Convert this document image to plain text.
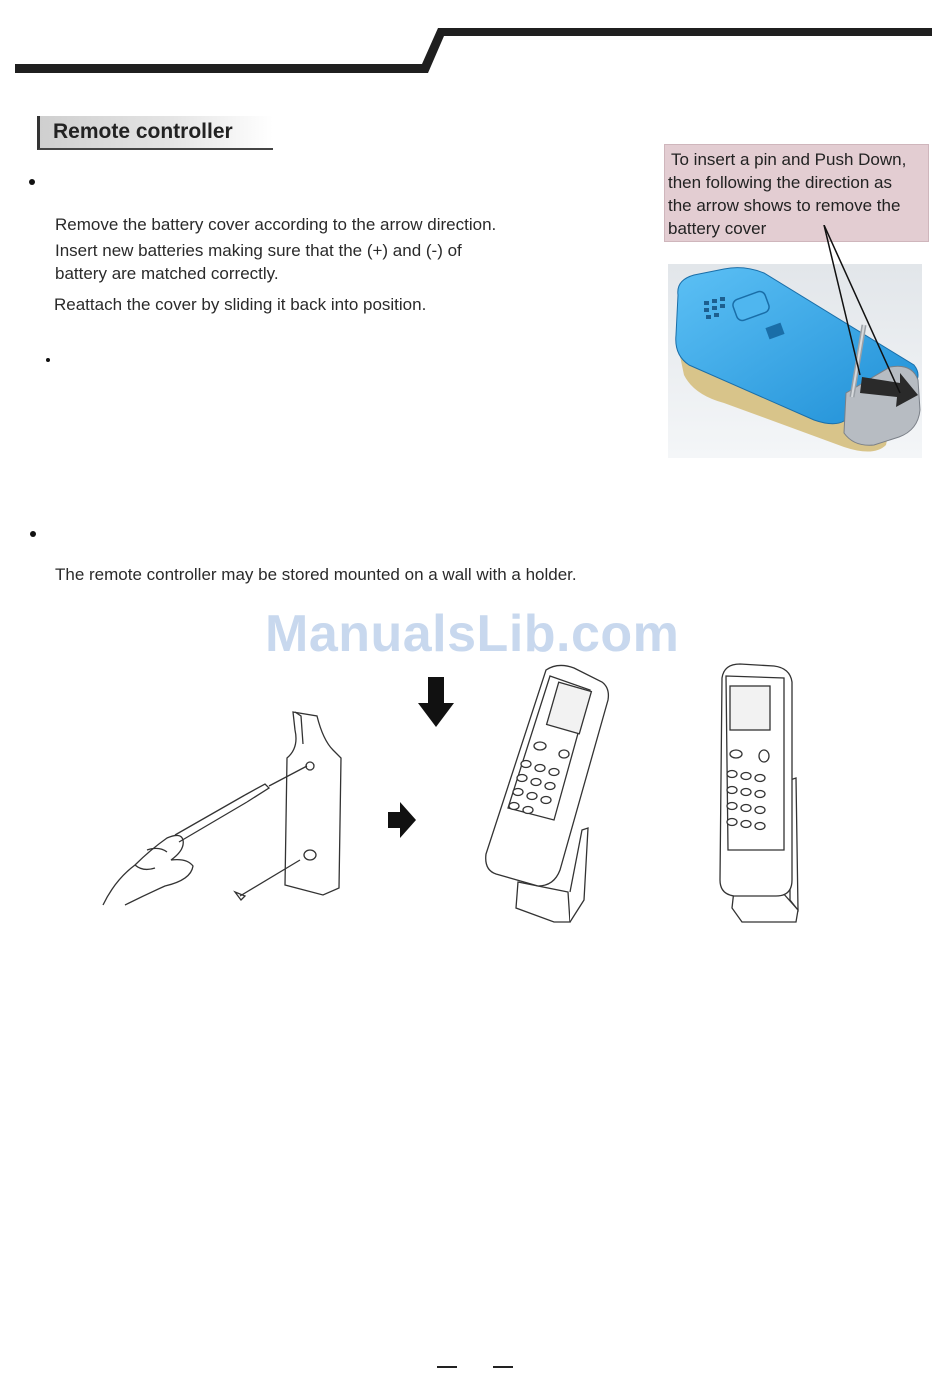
Remote controller
Remove the battery cover according to the arrow direction.
Insert new batteries making sure that the (+) and (-) of
battery are matched correctly.
Reattach the cover by sliding it back into position.
To insert a pin and Push Down,
then following the direction as
the arrow shows to remove the
battery cover
The remote controller may be stored mounted on a wall with a holder.
ManualsLib.com
